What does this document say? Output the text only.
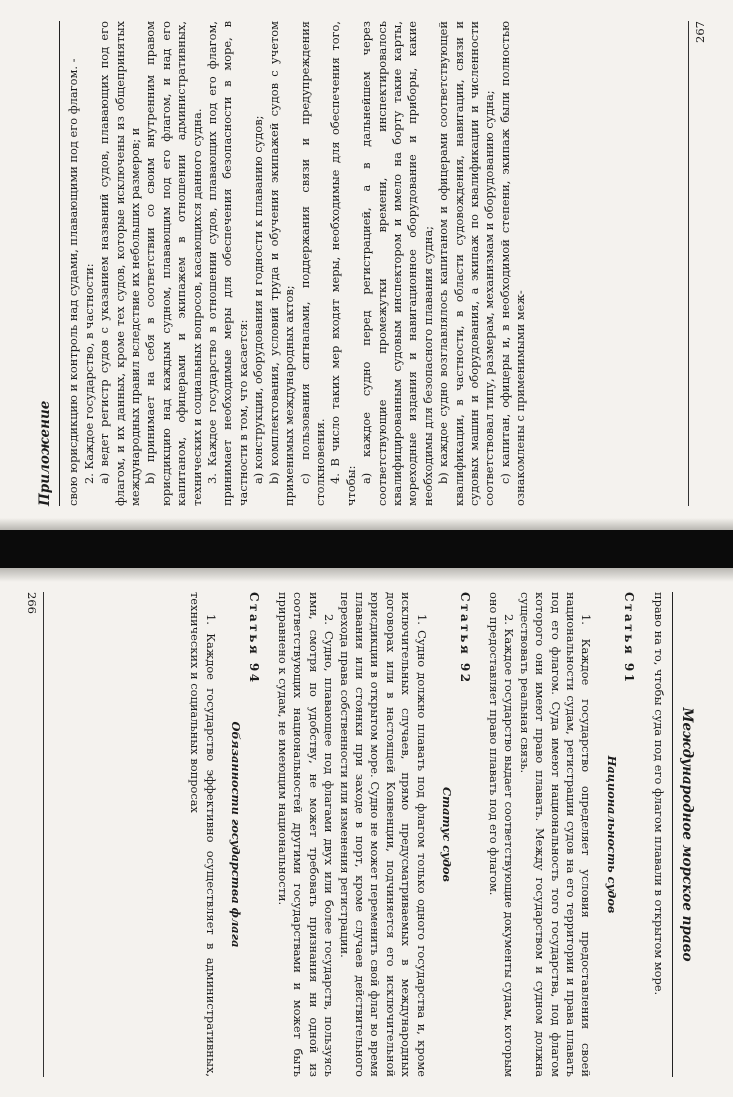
Приложение	свою юрисдикцию и контроль над судами, плавающими под его флагом. - 2. Каждое государство, в частности: a) ведет регистр судов с указанием названий судов, плавающих под его флагом, и их данных, кроме тех судов, которые исключены из общепринятых международных правил вследствие их небольших размеров; и b) принимает на себя в соответствии со своим внутренним правом юрисдикцию над каждым судном, плавающим под его флагом, и над его капитаном, офицерами и экипажем в отношении административных, технических и социальных вопросов, касающихся данного судна. 3. Каждое государство в отношении судов, плавающих под его флагом, принимает необходимые меры для обеспечения безопасности в море, в частности в том, что касается: a) конструкции, оборудования и годности к плаванию судов; b) комплектования, условий труда и обучения экипажей судов с учетом применимых международных актов; c) пользования сигналами, поддержания связи и предупреждения столкновения. 4. В число таких мер входят меры, необходимые для обеспечения того, чтобы:

a) каждое судно перед регистрацией, а в дальнейшем через соответствующие промежутки времени, инспектировалось квалифицированным судовым инспектором и имело на борту такие карты, мореходные издания и навигационное оборудование и приборы, какие необходимы для безопасного плавания судна; b) каждое судно возглавлялось капитаном и офицерами соответствующей квалификации, в частности, в области судовождения, навигации, связи и судовых машин и оборудования, а экипаж по квалификации и численности соответствовал типу, размерам, механизмам и оборудованию судна; c) капитан, офицеры и, в необходимой степени, экипаж были полностью ознакомлены с применимыми меж-

267
Международное морское право

право на то, чтобы суда под его флагом плавали в открытом море.

Статья 91

Национальность судов

1. Каждое государство определяет условия предоставления своей национальности судам, регистрации судов на его территории и права плавать под его флагом. Суда имеют национальность того государства, под флагом которого они имеют право плавать. Между государством и судном должна существовать реальная связь.

2. Каждое государство выдает соответствующие документы судам, которым оно предоставляет право плавать под его флагом.

Статья 92

Статус судов

1. Судно должно плавать под флагом только одного государства и, кроме исключительных случаев, прямо предусматриваемых в международных договорах или в настоящей Конвенции, подчиняется его исключительной юрисдикции в открытом море. Судно не может переменить свой флаг во время плавания или стоянки при заходе в порт, кроме случаев действительного перехода права собственности или изменения регистрации.

2. Судно, плавающее под флагами двух или более государств, пользуясь ими, смотря по удобству, не может требовать признания ни одной из соответствующих национальностей другими государствами и может быть приравнено к судам, не имеющим национальности.

Статья 94

Обязанности государства флага

1. Каждое государство эффективно осуществляет в административных, технических и социальных вопросах

266
